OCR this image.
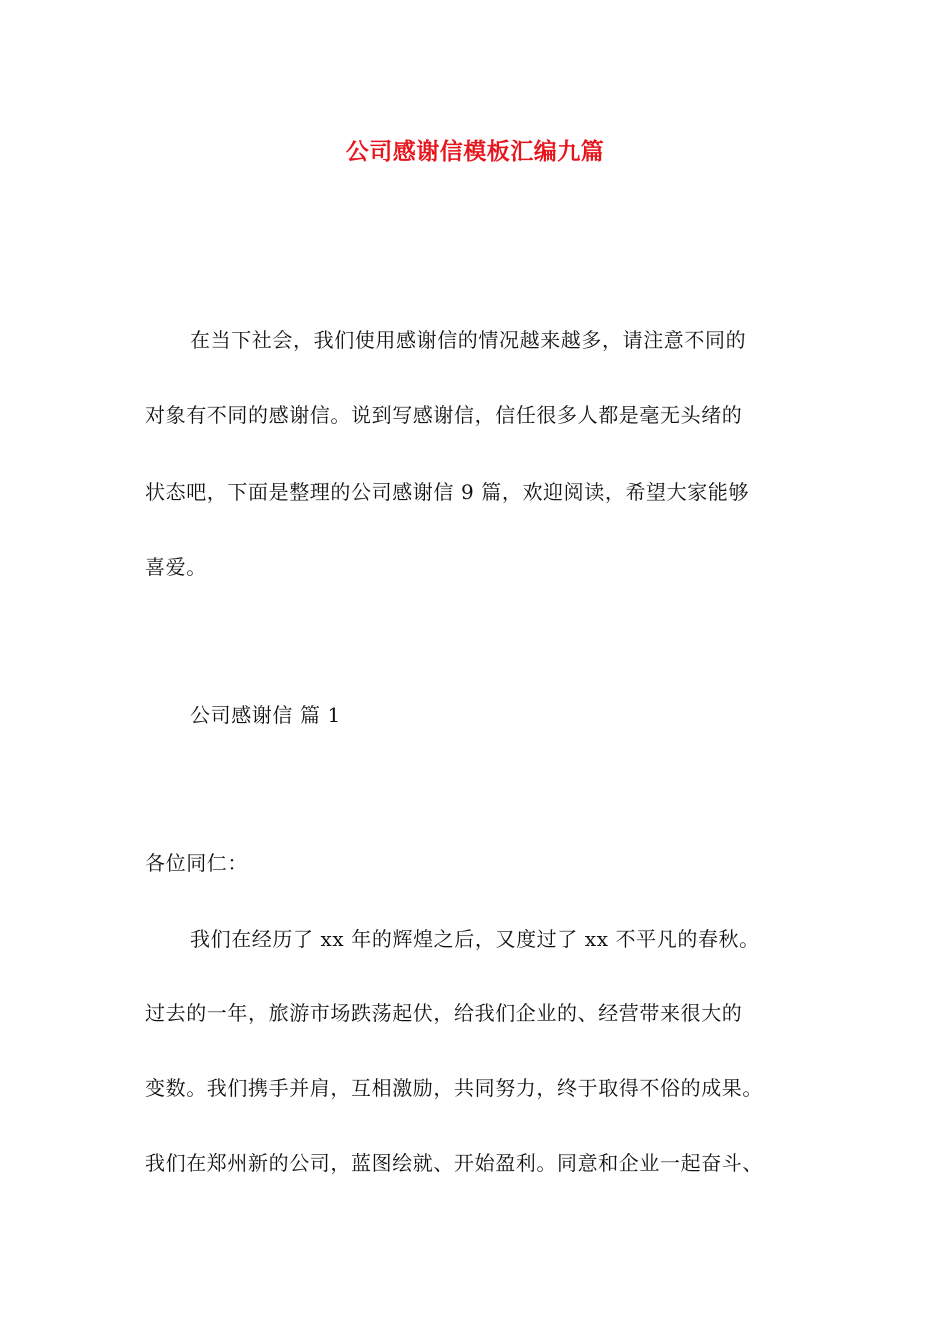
公司感谢信模板汇编九篇
在当下社会，我们使用感谢信的情况越来越多，请注意不同的
对象有不同的感谢信。说到写感谢信，信任很多人都是毫无头绪的
状态吧，下面是整理的公司感谢信 9 篇，欢迎阅读，希望大家能够
喜爱。
公司感谢信 篇 1
各位同仁：
我们在经历了 xx 年的辉煌之后，又度过了 xx 不平凡的春秋。
过去的一年，旅游市场跌荡起伏，给我们企业的、经营带来很大的
变数。我们携手并肩，互相激励，共同努力，终于取得不俗的成果。
我们在郑州新的公司，蓝图绘就、开始盈利。同意和企业一起奋斗、
